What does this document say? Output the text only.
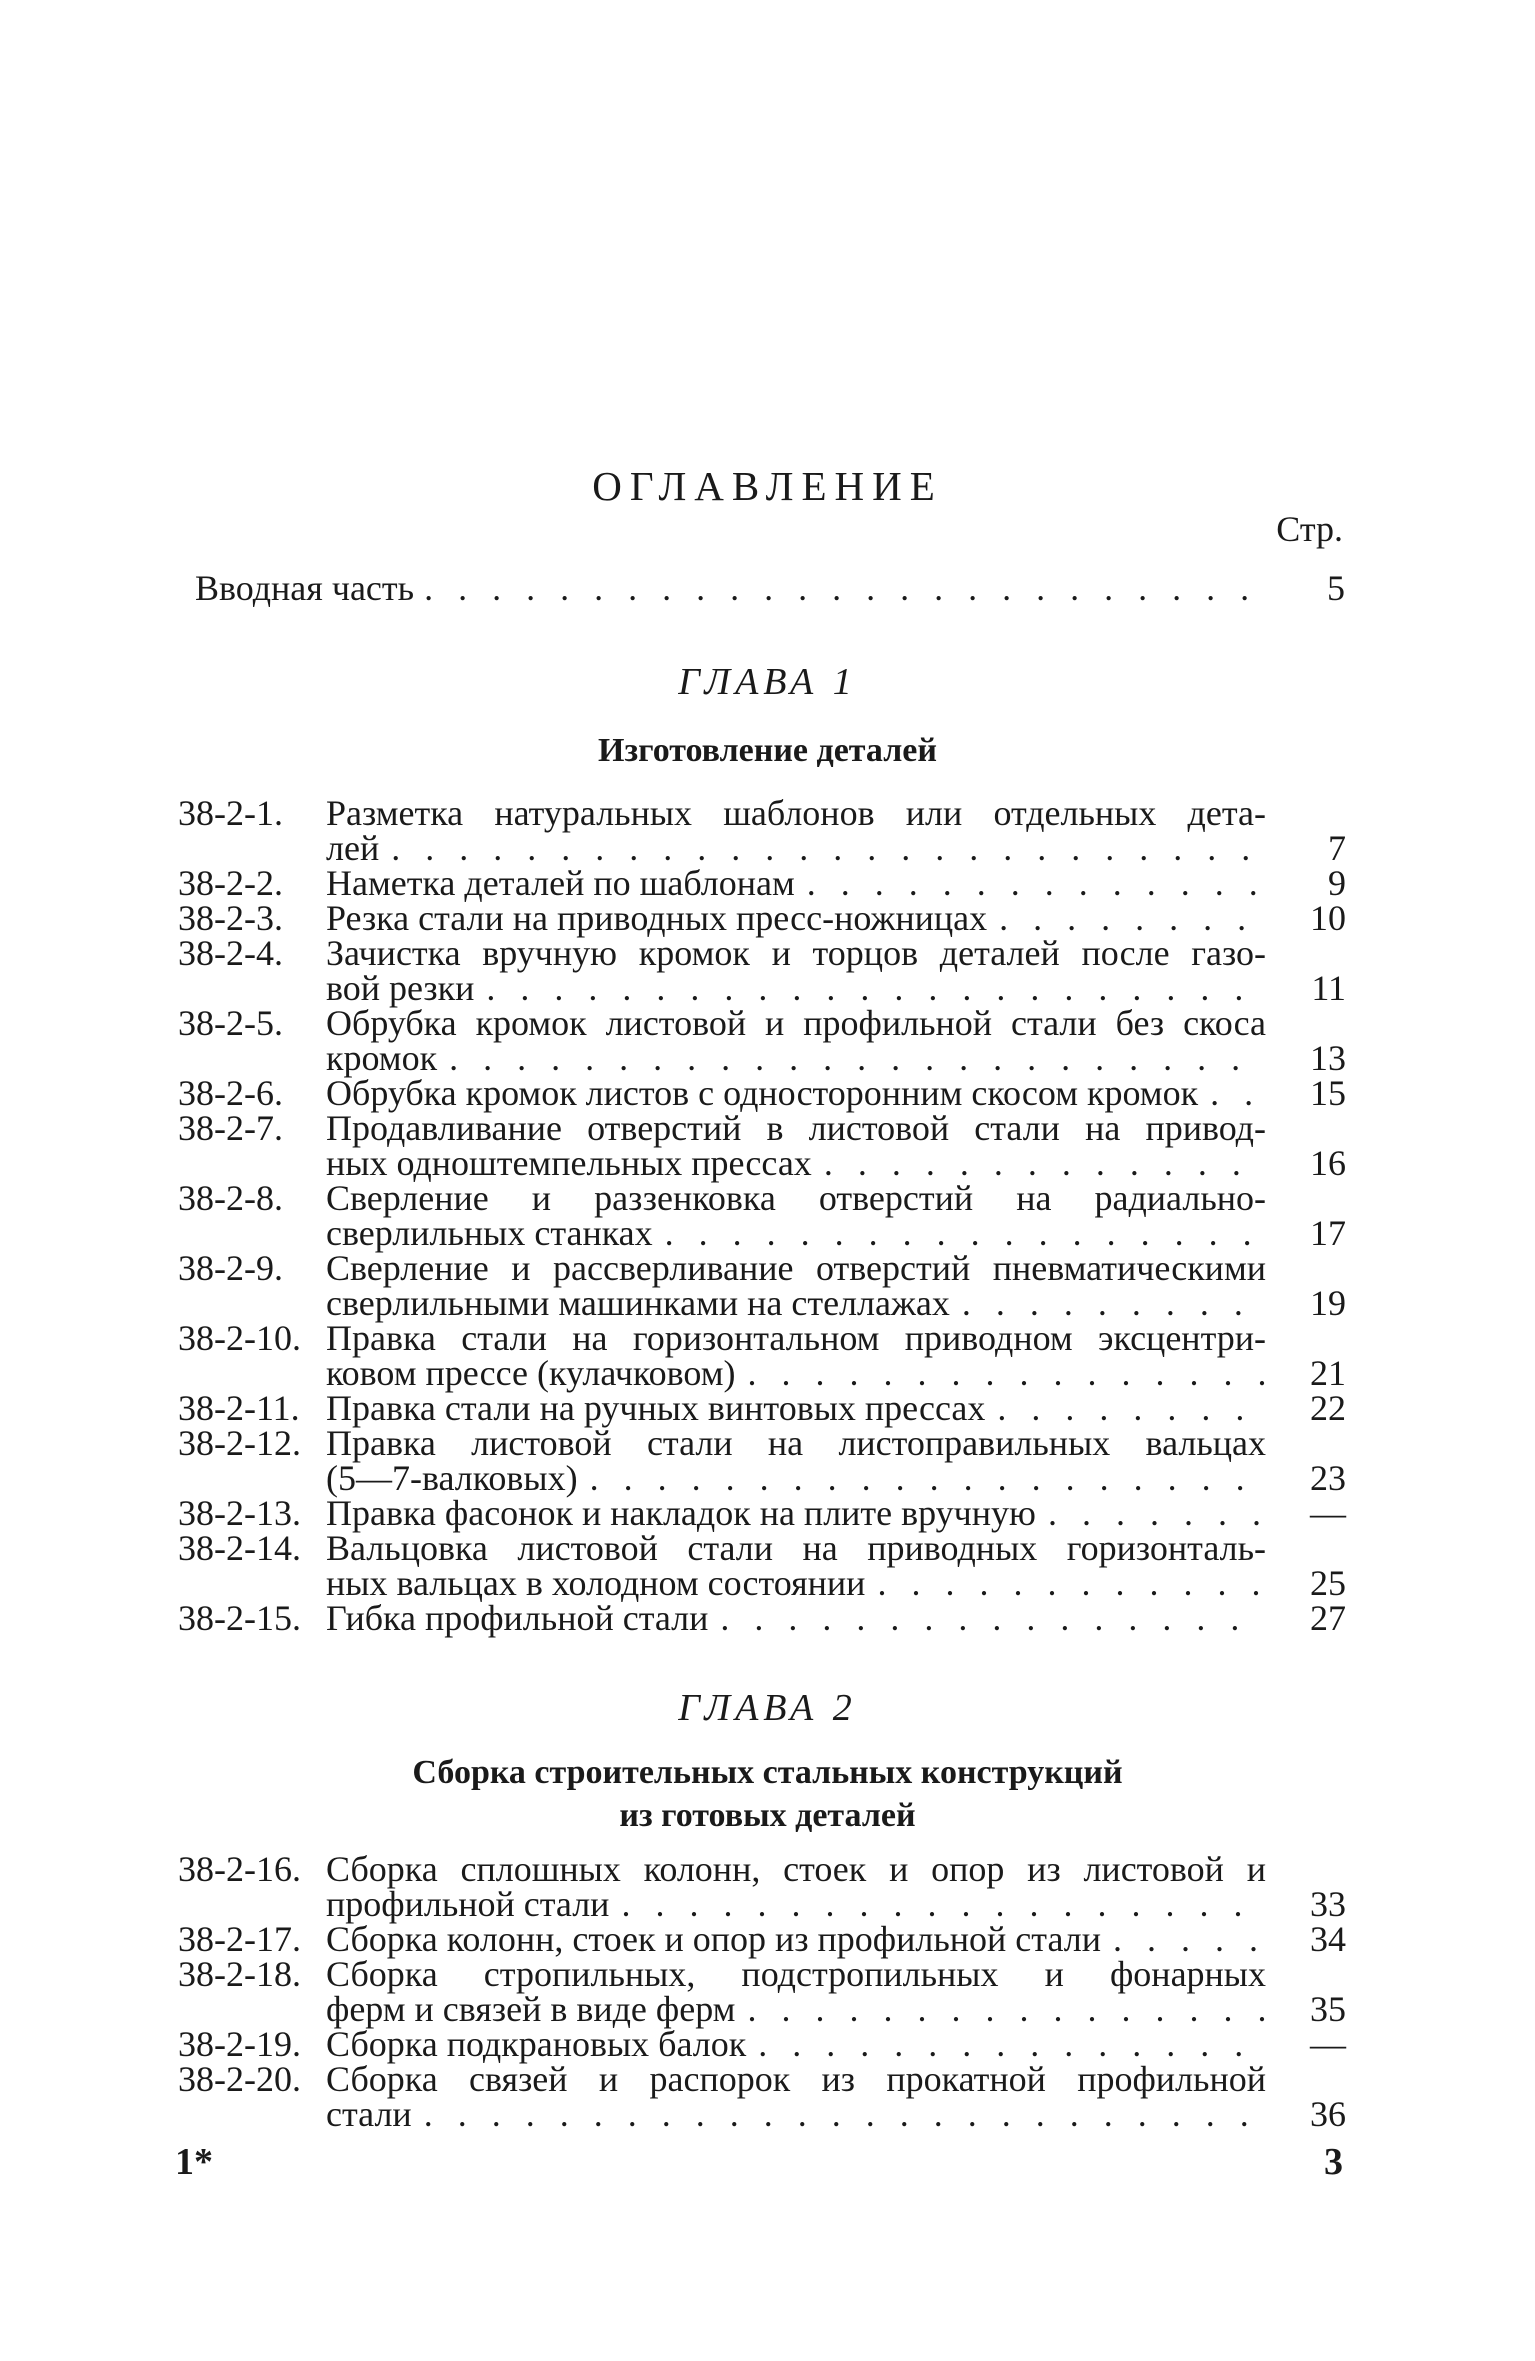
ОГЛАВЛЕНИЕ
Стр.
Вводная часть . . .	5
ГЛАВА 1
Изготовление деталей
38-2-1. Разметка натуральных шаблонов или отдельных дета-
лей . . .	7
38-2-2. Наметка деталей по шаблонам . . .	9
38-2-3. Резка стали на приводных пресс-ножницах . . .	10
38-2-4. Зачистка вручную кромок и торцов деталей после газо-
вой резки . . .	11
38-2-5. Обрубка кромок листовой и профильной стали без скоса
кромок . . .	13
38-2-6. Обрубка кромок листов с односторонним скосом кромок . . .	15
38-2-7. Продавливание отверстий в листовой стали на привод-
ных одноштемпельных прессах . . .	16
38-2-8. Сверление и раззенковка отверстий на радиально-
сверлильных станках . . .	17
38-2-9. Сверление и рассверливание отверстий пневматическими
сверлильными машинками на стеллажах . . .	19
38-2-10. Правка стали на горизонтальном приводном эксцентри-
ковом прессе (кулачковом) . . .	21
38-2-11. Правка стали на ручных винтовых прессах . . .	22
38-2-12. Правка листовой стали на листоправильных вальцах
(5—7-валковых) . . .	23
38-2-13. Правка фасонок и накладок на плите вручную . . .	—
38-2-14. Вальцовка листовой стали на приводных горизонталь-
ных вальцах в холодном состоянии . . .	25
38-2-15. Гибка профильной стали . . .	27
ГЛАВА 2
Сборка строительных стальных конструкций
из готовых деталей
38-2-16. Сборка сплошных колонн, стоек и опор из листовой и
профильной стали . . .	33
38-2-17. Сборка колонн, стоек и опор из профильной стали . . .	34
38-2-18. Сборка стропильных, подстропильных и фонарных
ферм и связей в виде ферм . . .	35
38-2-19. Сборка подкрановых балок . . .	—
38-2-20. Сборка связей и распорок из прокатной профильной
стали . . .	36
1*	3
